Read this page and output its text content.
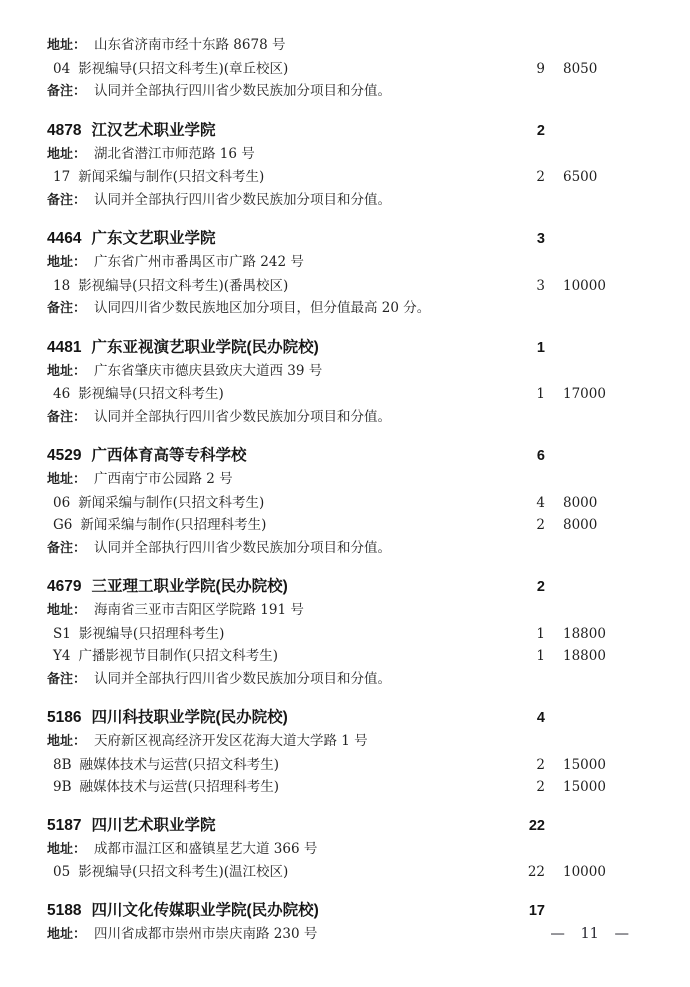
地址： 山东省济南市经十东路 8678 号
04 影视编导(只招文科考生)(章丘校区)	9	8050
备注： 认同并全部执行四川省少数民族加分项目和分值。
4878 江汉艺术职业学院	2
地址： 湖北省潜江市师范路 16 号
17 新闻采编与制作(只招文科考生)	2	6500
备注： 认同并全部执行四川省少数民族加分项目和分值。
4464 广东文艺职业学院	3
地址： 广东省广州市番禺区市广路 242 号
18 影视编导(只招文科考生)(番禺校区)	3	10000
备注： 认同四川省少数民族地区加分项目，但分值最高 20 分。
4481 广东亚视演艺职业学院(民办院校)	1
地址： 广东省肇庆市德庆县致庆大道西 39 号
46 影视编导(只招文科考生)	1	17000
备注： 认同并全部执行四川省少数民族加分项目和分值。
4529 广西体育高等专科学校	6
地址： 广西南宁市公园路 2 号
06 新闻采编与制作(只招文科考生)	4	8000
G6 新闻采编与制作(只招理科考生)	2	8000
备注： 认同并全部执行四川省少数民族加分项目和分值。
4679 三亚理工职业学院(民办院校)	2
地址： 海南省三亚市吉阳区学院路 191 号
S1 影视编导(只招理科考生)	1	18800
Y4 广播影视节目制作(只招文科考生)	1	18800
备注： 认同并全部执行四川省少数民族加分项目和分值。
5186 四川科技职业学院(民办院校)	4
地址： 天府新区视高经济开发区花海大道大学路 1 号
8B 融媒体技术与运营(只招文科考生)	2	15000
9B 融媒体技术与运营(只招理科考生)	2	15000
5187 四川艺术职业学院	22
地址： 成都市温江区和盛镇星艺大道 366 号
05 影视编导(只招文科考生)(温江校区)	22	10000
5188 四川文化传媒职业学院(民办院校)	17
地址： 四川省成都市崇州市崇庆南路 230 号	— 11 —
